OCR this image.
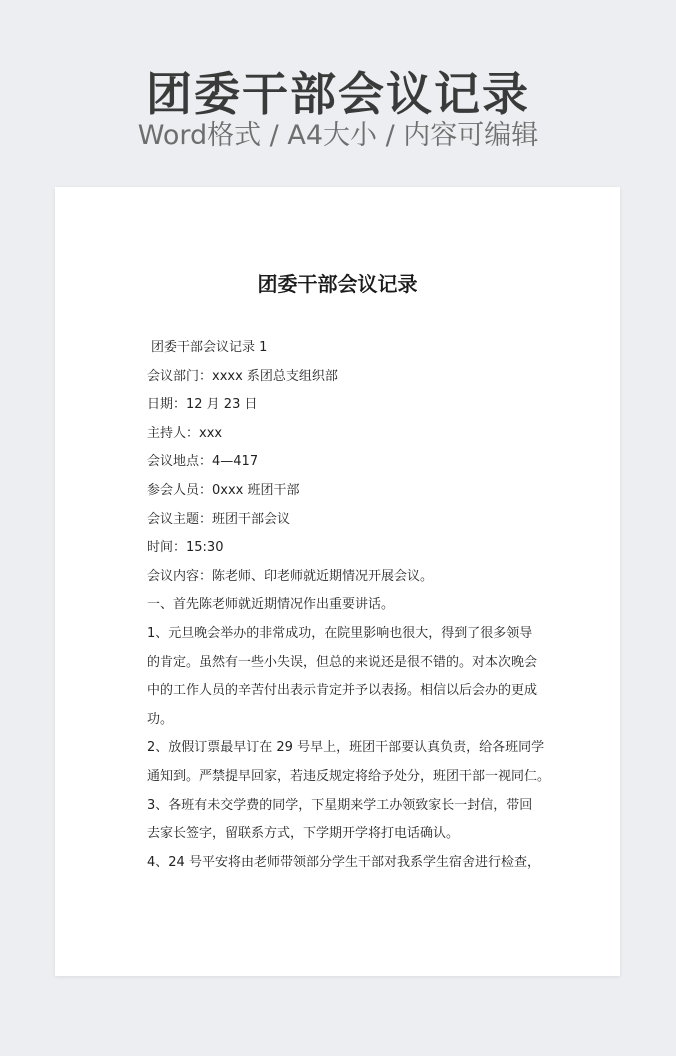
团委干部会议记录
Word格式 / A4大小 / 内容可编辑
团委干部会议记录
团委干部会议记录 1
会议部门：xxxx 系团总支组织部
日期：12 月 23 日
主持人：xxx
会议地点：4—417
参会人员：0xxx 班团干部
会议主题：班团干部会议
时间：15:30
会议内容：陈老师、印老师就近期情况开展会议。
一、首先陈老师就近期情况作出重要讲话。
1、元旦晚会举办的非常成功，在院里影响也很大，得到了很多领导
的肯定。虽然有一些小失误，但总的来说还是很不错的。对本次晚会
中的工作人员的辛苦付出表示肯定并予以表扬。相信以后会办的更成
功。
2、放假订票最早订在 29 号早上，班团干部要认真负责，给各班同学
通知到。严禁提早回家，若违反规定将给予处分，班团干部一视同仁。
3、各班有未交学费的同学，下星期来学工办领致家长一封信，带回
去家长签字，留联系方式，下学期开学将打电话确认。
4、24 号平安将由老师带领部分学生干部对我系学生宿舍进行检查，
